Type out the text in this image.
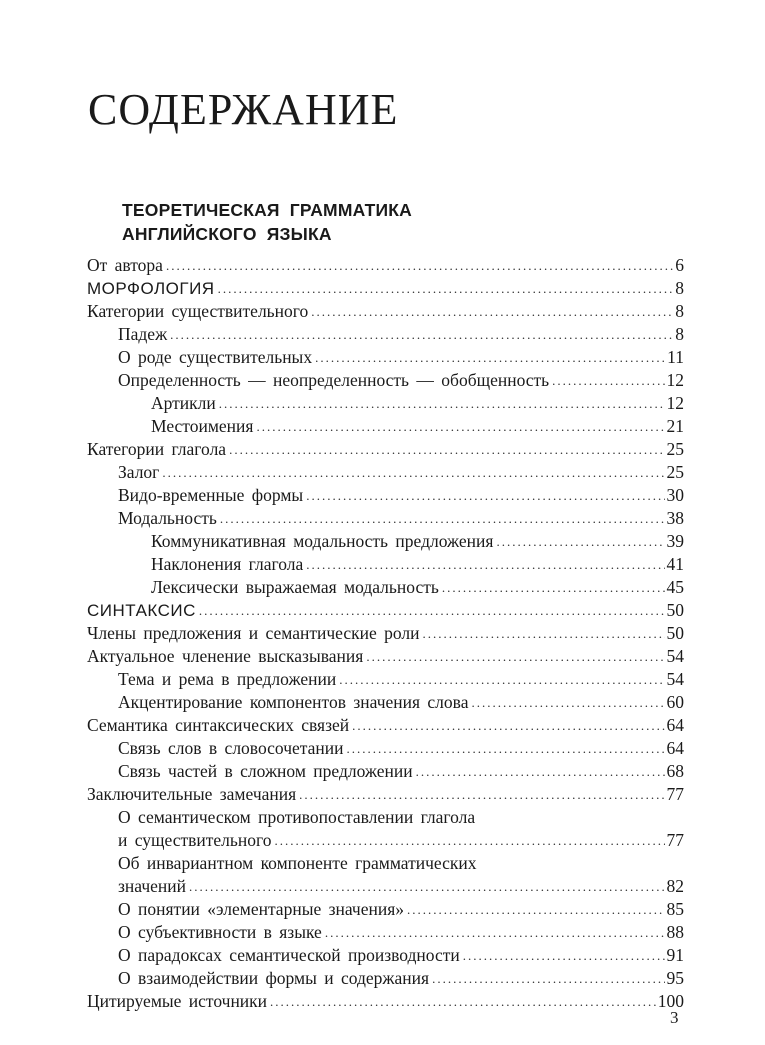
СОДЕРЖАНИЕ
ТЕОРЕТИЧЕСКАЯ ГРАММАТИКА
АНГЛИЙСКОГО ЯЗЫКА
От автора .....	6
МОРФОЛОГИЯ .....	8
Категории существительного .....	8
Падеж .....	8
О роде существительных .....	11
Определенность — неопределенность — обобщенность .....	12
Артикли .....	12
Местоимения .....	21
Категории глагола .....	25
Залог .....	25
Видо-временные формы .....	30
Модальность .....	38
Коммуникативная модальность предложения .....	39
Наклонения глагола .....	41
Лексически выражаемая модальность .....	45
СИНТАКСИС .....	50
Члены предложения и семантические роли .....	50
Актуальное членение высказывания .....	54
Тема и рема в предложении .....	54
Акцентирование компонентов значения слова .....	60
Семантика синтаксических связей .....	64
Связь слов в словосочетании .....	64
Связь частей в сложном предложении .....	68
Заключительные замечания .....	77
О семантическом противопоставлении глагола
и существительного .....	77
Об инвариантном компоненте грамматических
значений .....	82
О понятии «элементарные значения» .....	85
О субъективности в языке .....	88
О парадоксах семантической производности .....	91
О взаимодействии формы и содержания .....	95
Цитируемые источники .....	100
3
